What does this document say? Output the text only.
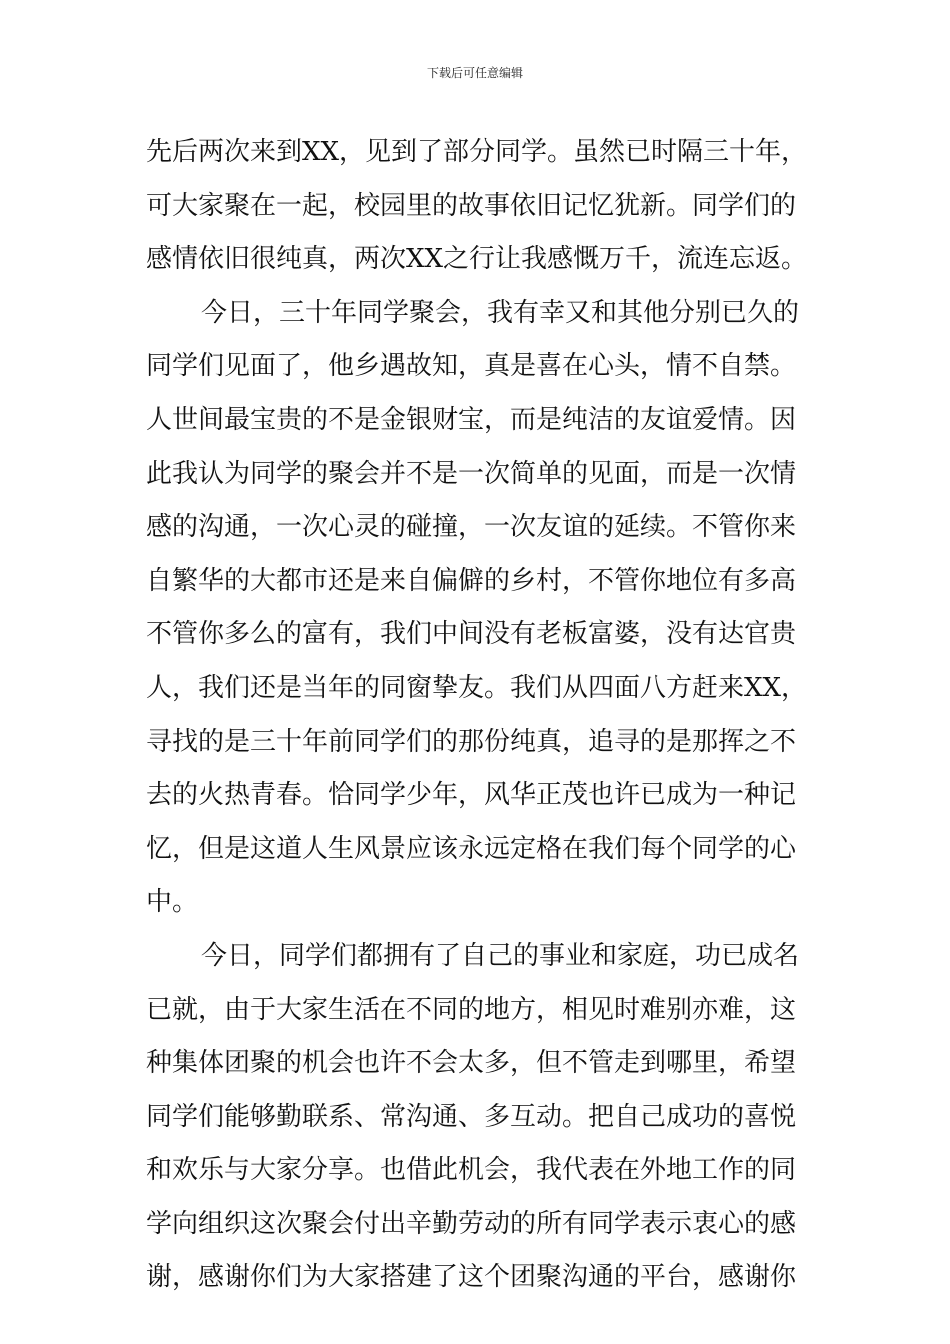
下载后可任意编辑
先后两次来到XX，见到了部分同学。虽然已时隔三十年，
可大家聚在一起，校园里的故事依旧记忆犹新。同学们的
感情依旧很纯真，两次XX之行让我感慨万千，流连忘返。
今日，三十年同学聚会，我有幸又和其他分别已久的
同学们见面了，他乡遇故知，真是喜在心头，情不自禁。
人世间最宝贵的不是金银财宝，而是纯洁的友谊爱情。因
此我认为同学的聚会并不是一次简单的见面，而是一次情
感的沟通，一次心灵的碰撞，一次友谊的延续。不管你来
自繁华的大都市还是来自偏僻的乡村，不管你地位有多高
不管你多么的富有，我们中间没有老板富婆，没有达官贵
人，我们还是当年的同窗挚友。我们从四面八方赶来XX，
寻找的是三十年前同学们的那份纯真，追寻的是那挥之不
去的火热青春。恰同学少年，风华正茂也许已成为一种记
忆，但是这道人生风景应该永远定格在我们每个同学的心
中。
今日，同学们都拥有了自己的事业和家庭，功已成名
已就，由于大家生活在不同的地方，相见时难别亦难，这
种集体团聚的机会也许不会太多，但不管走到哪里，希望
同学们能够勤联系、常沟通、多互动。把自己成功的喜悦
和欢乐与大家分享。也借此机会，我代表在外地工作的同
学向组织这次聚会付出辛勤劳动的所有同学表示衷心的感
谢，感谢你们为大家搭建了这个团聚沟通的平台，感谢你
